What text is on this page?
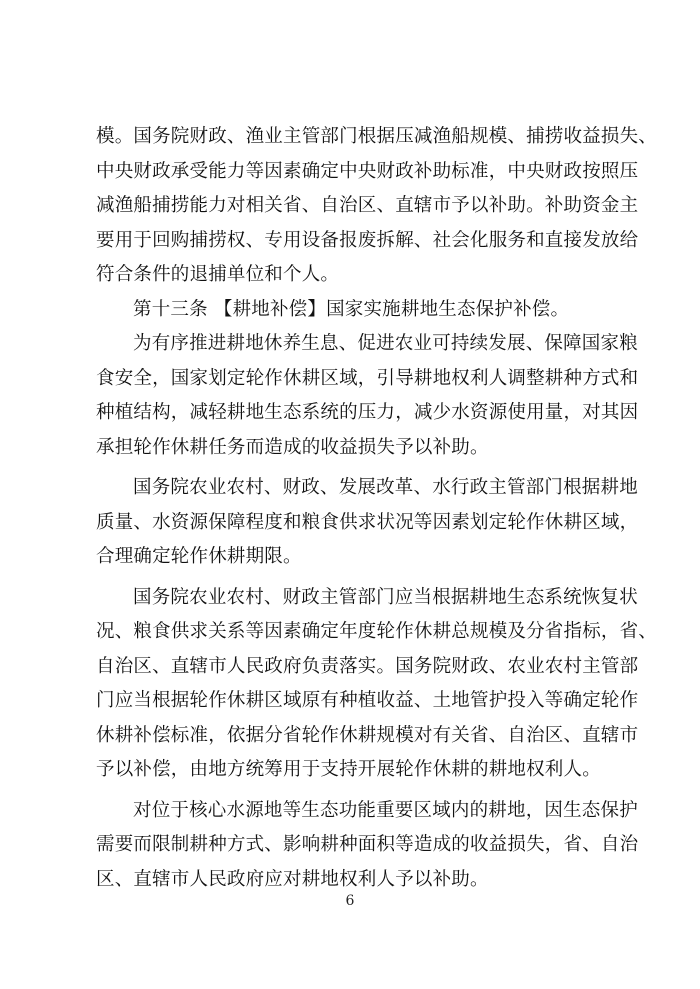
模。国务院财政、渔业主管部门根据压减渔船规模、捕捞收益损失、
中央财政承受能力等因素确定中央财政补助标准，中央财政按照压
减渔船捕捞能力对相关省、自治区、直辖市予以补助。补助资金主
要用于回购捕捞权、专用设备报废拆解、社会化服务和直接发放给
符合条件的退捕单位和个人。
第十三条 【耕地补偿】国家实施耕地生态保护补偿。
为有序推进耕地休养生息、促进农业可持续发展、保障国家粮
食安全，国家划定轮作休耕区域，引导耕地权利人调整耕种方式和
种植结构，减轻耕地生态系统的压力，减少水资源使用量，对其因
承担轮作休耕任务而造成的收益损失予以补助。
国务院农业农村、财政、发展改革、水行政主管部门根据耕地
质量、水资源保障程度和粮食供求状况等因素划定轮作休耕区域，
合理确定轮作休耕期限。
国务院农业农村、财政主管部门应当根据耕地生态系统恢复状
况、粮食供求关系等因素确定年度轮作休耕总规模及分省指标，省、
自治区、直辖市人民政府负责落实。国务院财政、农业农村主管部
门应当根据轮作休耕区域原有种植收益、土地管护投入等确定轮作
休耕补偿标准，依据分省轮作休耕规模对有关省、自治区、直辖市
予以补偿，由地方统筹用于支持开展轮作休耕的耕地权利人。
对位于核心水源地等生态功能重要区域内的耕地，因生态保护
需要而限制耕种方式、影响耕种面积等造成的收益损失，省、自治
区、直辖市人民政府应对耕地权利人予以补助。
6
